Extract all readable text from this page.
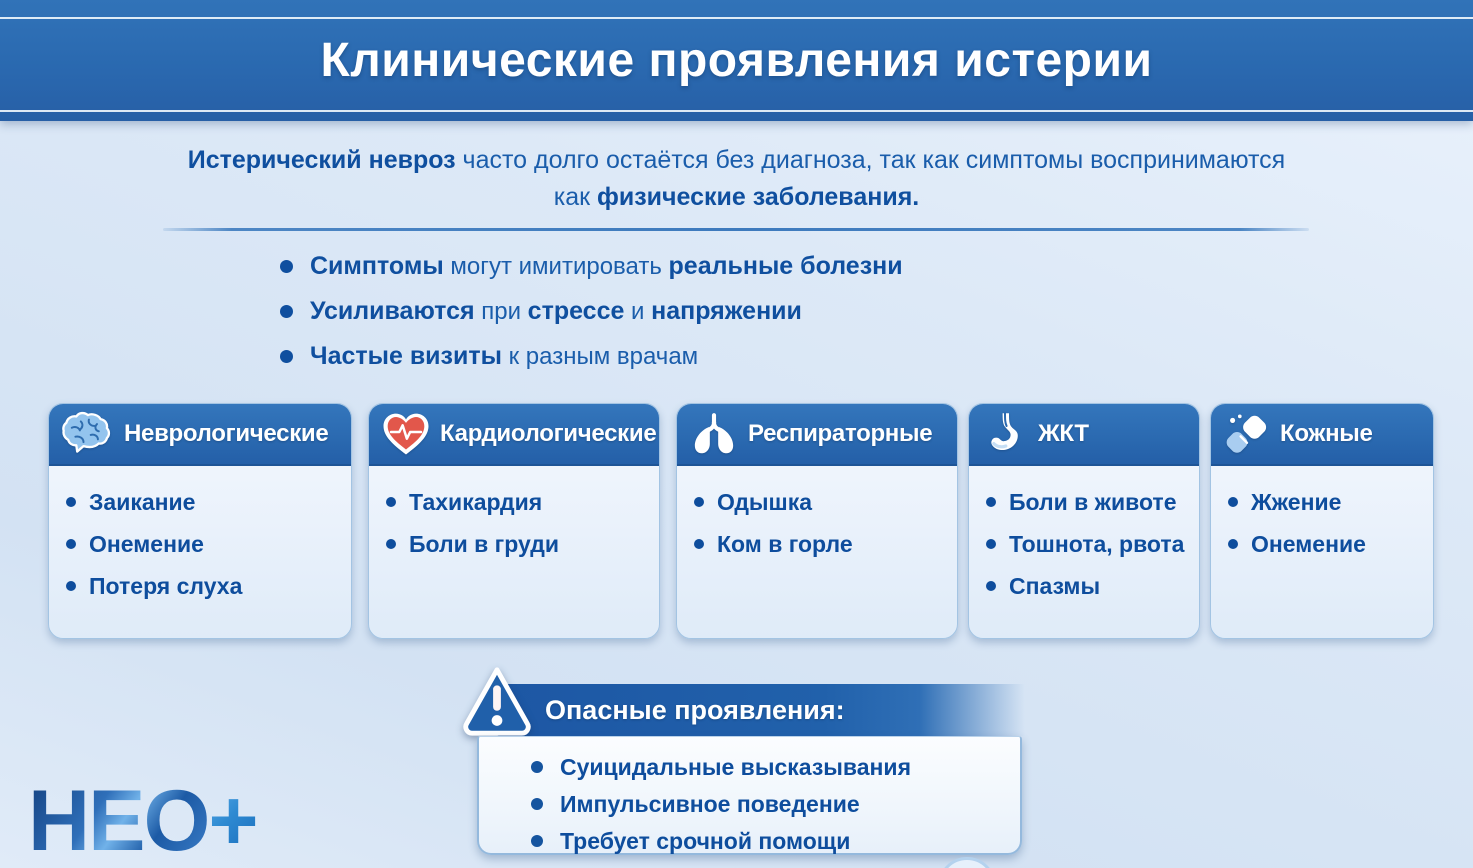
Клинические проявления истерии

Истерический невроз часто долго остаётся без диагноза, так как симптомы воспринимаются
как физические заболевания.

Симптомы могут имитировать реальные болезни
Усиливаются при стрессе и напряжении
Частые визиты к разным врачам
Неврологические
Заикание
Онемение
Потеря слуха
Кардиологические
Тахикардия
Боли в груди
Респираторные
Одышка
Ком в горле
ЖКТ
Боли в животе
Тошнота, рвота
Спазмы
Кожные
Жжение
Онемение
Опасные проявления:
Суицидальные высказывания
Импульсивное поведение
Требует срочной помощи
НЕО+
